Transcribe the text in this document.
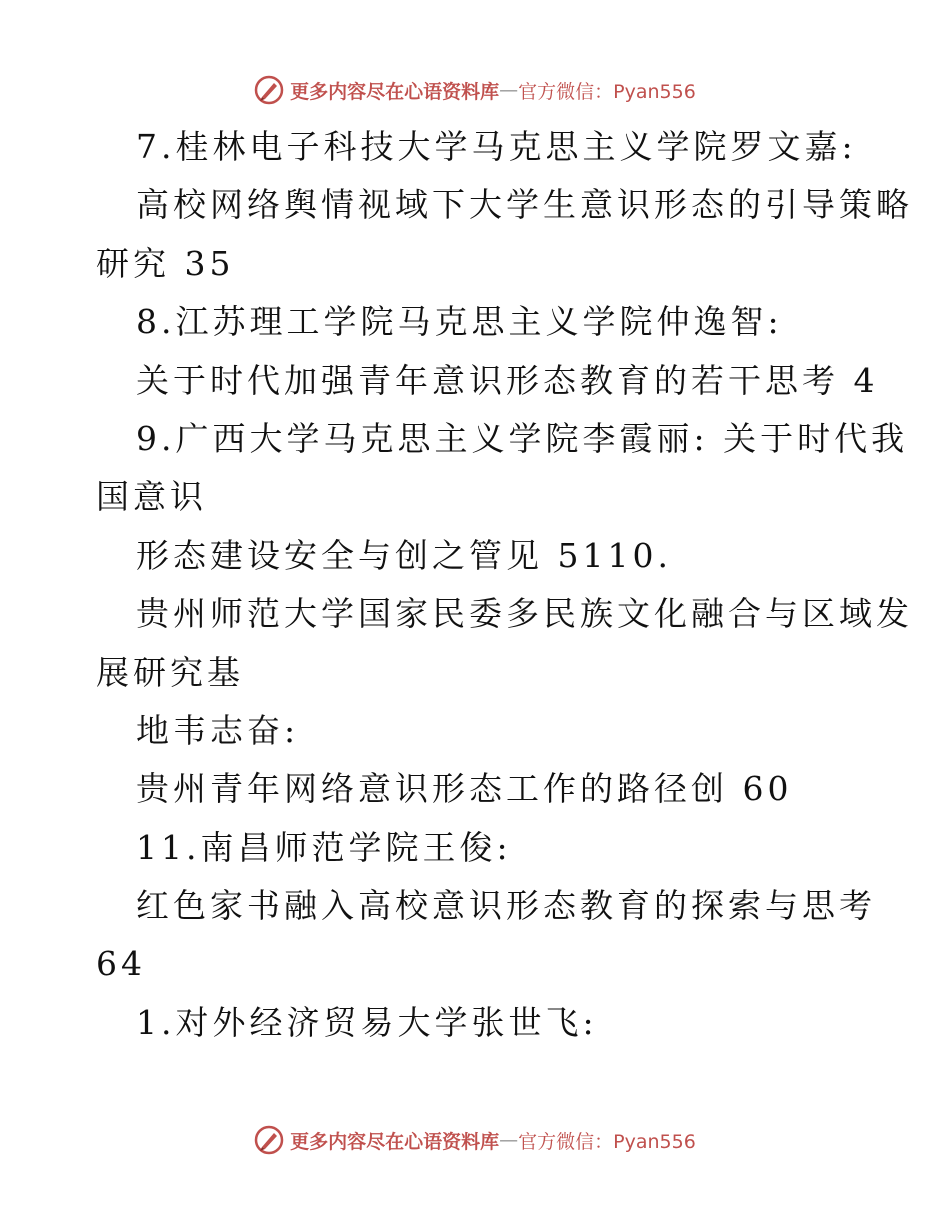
更多内容尽在心语资料库 — 官方微信：Pyan556
7.桂林电子科技大学马克思主义学院罗文嘉:
高校网络舆情视域下大学生意识形态的引导策略
研究 35
8.江苏理工学院马克思主义学院仲逸智:
关于时代加强青年意识形态教育的若干思考 4
9.广西大学马克思主义学院李霞丽: 关于时代我
国意识
形态建设安全与创之管见 5110.
贵州师范大学国家民委多民族文化融合与区域发
展研究基
地韦志奋:
贵州青年网络意识形态工作的路径创 60
11.南昌师范学院王俊:
红色家书融入高校意识形态教育的探索与思考
64
1.对外经济贸易大学张世飞:
更多内容尽在心语资料库 — 官方微信：Pyan556
